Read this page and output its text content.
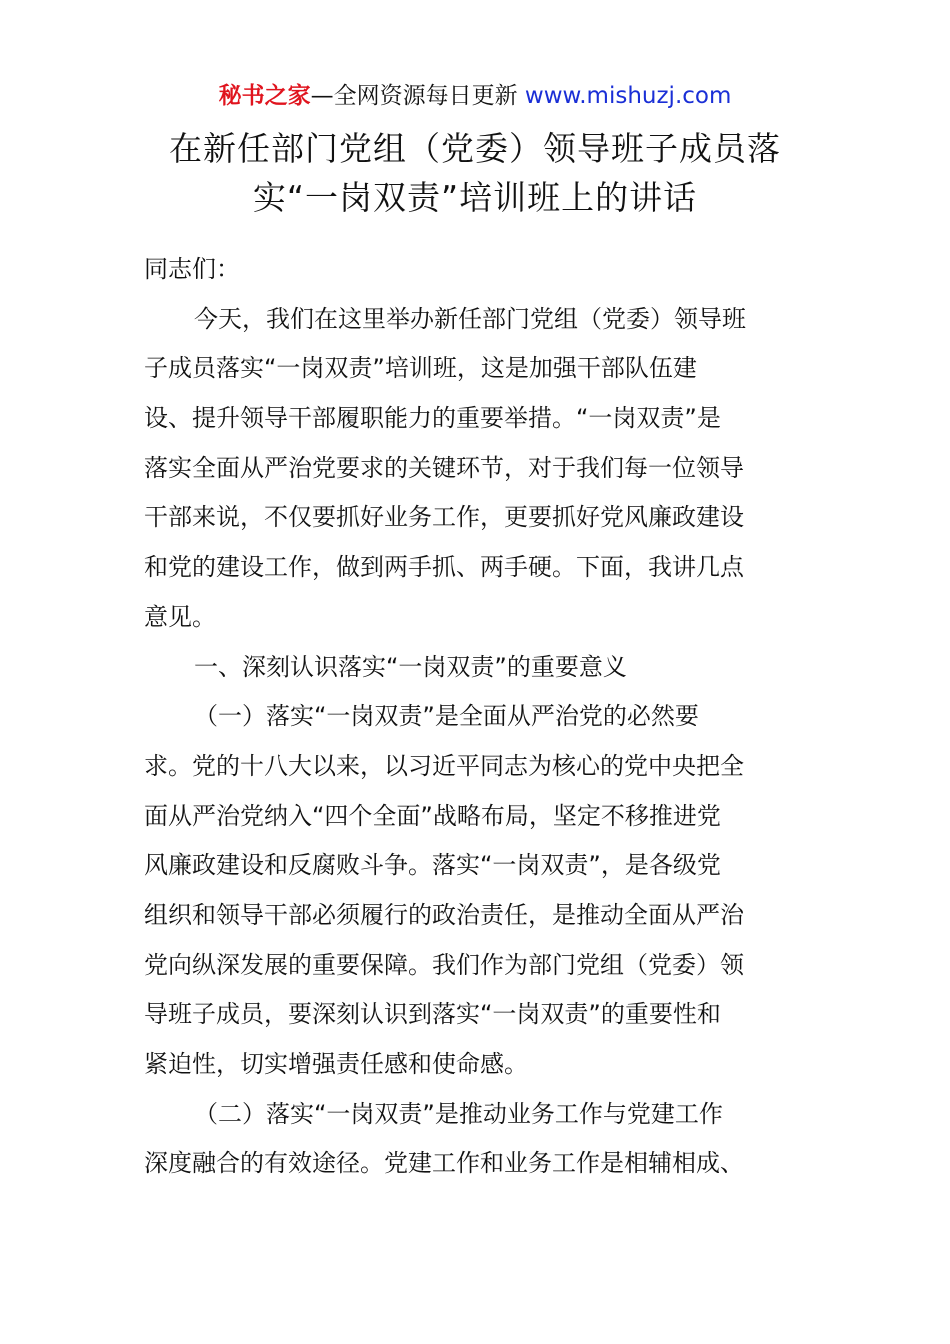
秘书之家—全网资源每日更新 www.mishuzj.com
在新任部门党组（党委）领导班子成员落
实“一岗双责”培训班上的讲话
同志们：
今天，我们在这里举办新任部门党组（党委）领导班
子成员落实“一岗双责”培训班，这是加强干部队伍建
设、提升领导干部履职能力的重要举措。“一岗双责”是
落实全面从严治党要求的关键环节，对于我们每一位领导
干部来说，不仅要抓好业务工作，更要抓好党风廉政建设
和党的建设工作，做到两手抓、两手硬。下面，我讲几点
意见。
一、深刻认识落实“一岗双责”的重要意义
（一）落实“一岗双责”是全面从严治党的必然要
求。党的十八大以来，以习近平同志为核心的党中央把全
面从严治党纳入“四个全面”战略布局，坚定不移推进党
风廉政建设和反腐败斗争。落实“一岗双责”，是各级党
组织和领导干部必须履行的政治责任，是推动全面从严治
党向纵深发展的重要保障。我们作为部门党组（党委）领
导班子成员，要深刻认识到落实“一岗双责”的重要性和
紧迫性，切实增强责任感和使命感。
（二）落实“一岗双责”是推动业务工作与党建工作
深度融合的有效途径。党建工作和业务工作是相辅相成、
